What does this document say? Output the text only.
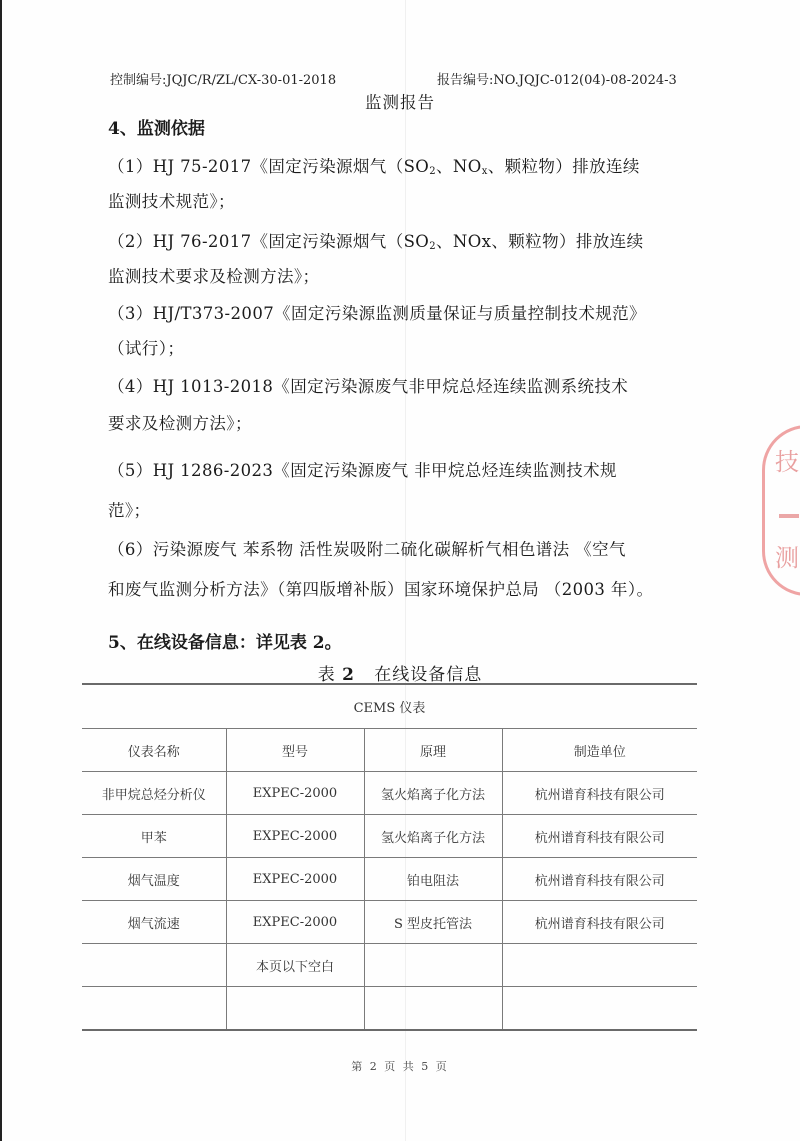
控制编号:JQJC/R/ZL/CX-30-01-2018	报告编号:NO.JQJC-012(04)-08-2024-3
监测报告
4、监测依据
（1）HJ 75-2017《固定污染源烟气（$SO_2$、$NO_x$、颗粒物）排放连续
监测技术规范》；
（2）HJ 76-2017《固定污染源烟气（$SO_2$、NOx、颗粒物）排放连续
监测技术要求及检测方法》；
（3）HJ/T373-2007《固定污染源监测质量保证与质量控制技术规范》
（试行）；
（4）HJ 1013-2018《固定污染源废气非甲烷总烃连续监测系统技术
要求及检测方法》；
（5）HJ 1286-2023《固定污染源废气 非甲烷总烃连续监测技术规
范》；
（6）污染源废气 苯系物 活性炭吸附二硫化碳解析气相色谱法 《空气
和废气监测分析方法》（第四版增补版）国家环境保护总局 （2003 年）。
5、在线设备信息：详见表 2。
表 2 在线设备信息
CEMS 仪表			
仪表名称	型号	原理	制造单位
非甲烷总烃分析仪	EXPEC-2000	氢火焰离子化方法	杭州谱育科技有限公司
甲苯	EXPEC-2000	氢火焰离子化方法	杭州谱育科技有限公司
烟气温度	EXPEC-2000	铂电阻法	杭州谱育科技有限公司
烟气流速	EXPEC-2000	S 型皮托管法	杭州谱育科技有限公司
	本页以下空白		

第 2 页 共 5 页
技
测
